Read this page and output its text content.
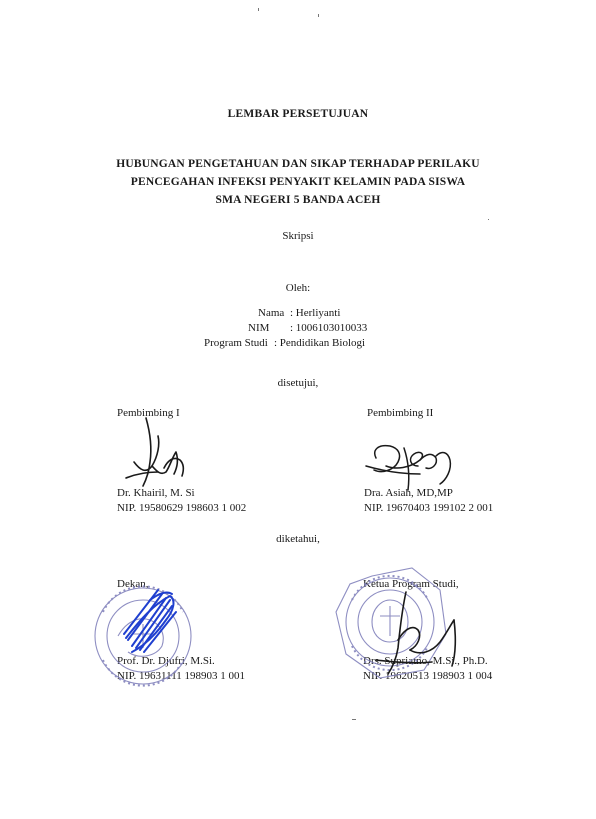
LEMBAR PERSETUJUAN
HUBUNGAN PENGETAHUAN DAN SIKAP TERHADAP PERILAKU
PENCEGAHAN INFEKSI PENYAKIT KELAMIN PADA SISWA
SMA NEGERI 5 BANDA ACEH
Skripsi
Oleh:
Nama : Herliyanti
NIM : 1006103010033
Program Studi : Pendidikan Biologi
disetujui,
Pembimbing I	Pembimbing II
Dr. Khairil, M. Si
NIP. 19580629 198603 1 002
Dra. Asiah, MD,MP
NIP. 19670403 199102 2 001
diketahui,
Dekan,	Ketua Program Studi,
Prof. Dr. Djufri, M.Si.
NIP. 19631111 198903 1 001
Drs. Supriatno, M.Si., Ph.D.
NIP. 19620513 198903 1 004
